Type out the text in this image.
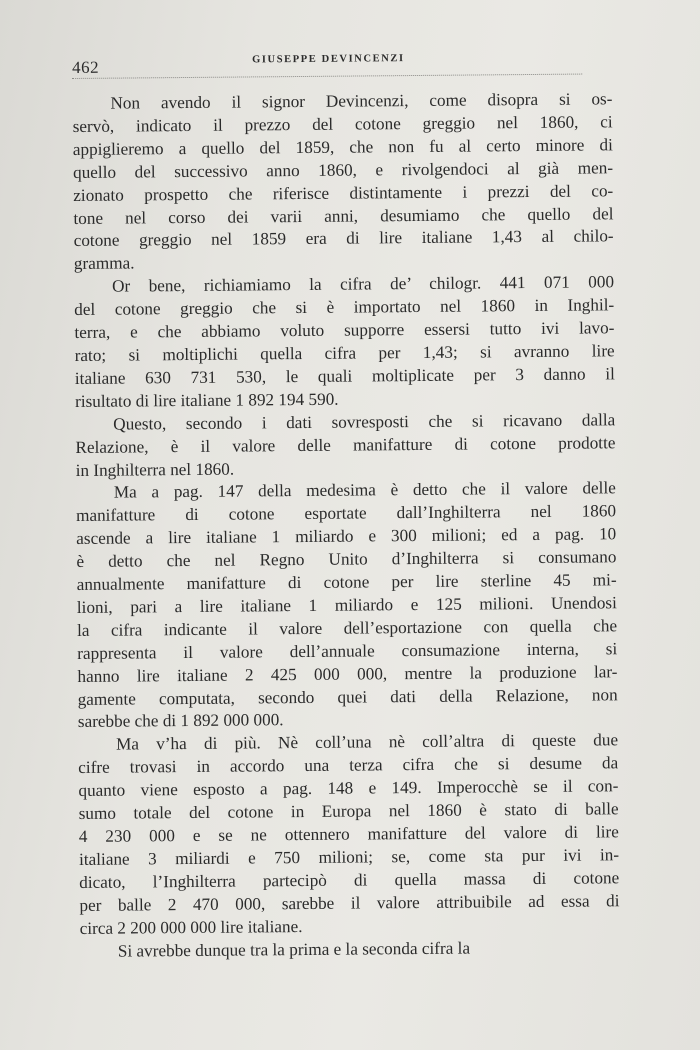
462	GIUSEPPE DEVINCENZI

Non avendo il signor Devincenzi, come disopra si os-
servò, indicato il prezzo del cotone greggio nel 1860, ci
appiglieremo a quello del 1859, che non fu al certo minore di
quello del successivo anno 1860, e rivolgendoci al già men-
zionato prospetto che riferisce distintamente i prezzi del co-
tone nel corso dei varii anni, desumiamo che quello del
cotone greggio nel 1859 era di lire italiane 1,43 al chilo-
gramma.

Or bene, richiamiamo la cifra de’ chilogr. 441 071 000
del cotone greggio che si è importato nel 1860 in Inghil-
terra, e che abbiamo voluto supporre essersi tutto ivi lavo-
rato; si moltiplichi quella cifra per 1,43; si avranno lire
italiane 630 731 530, le quali moltiplicate per 3 danno il
risultato di lire italiane 1 892 194 590.

Questo, secondo i dati sovresposti che si ricavano dalla
Relazione, è il valore delle manifatture di cotone prodotte
in Inghilterra nel 1860.

Ma a pag. 147 della medesima è detto che il valore delle
manifatture di cotone esportate dall’Inghilterra nel 1860
ascende a lire italiane 1 miliardo e 300 milioni; ed a pag. 10
è detto che nel Regno Unito d’Inghilterra si consumano
annualmente manifatture di cotone per lire sterline 45 mi-
lioni, pari a lire italiane 1 miliardo e 125 milioni. Unendosi
la cifra indicante il valore dell’esportazione con quella che
rappresenta il valore dell’annuale consumazione interna, si
hanno lire italiane 2 425 000 000, mentre la produzione lar-
gamente computata, secondo quei dati della Relazione, non
sarebbe che di 1 892 000 000.

Ma v’ha di più. Nè coll’una nè coll’altra di queste due
cifre trovasi in accordo una terza cifra che si desume da
quanto viene esposto a pag. 148 e 149. Imperocchè se il con-
sumo totale del cotone in Europa nel 1860 è stato di balle
4 230 000 e se ne ottennero manifatture del valore di lire
italiane 3 miliardi e 750 milioni; se, come sta pur ivi in-
dicato, l’Inghilterra partecipò di quella massa di cotone
per balle 2 470 000, sarebbe il valore attribuibile ad essa di
circa 2 200 000 000 lire italiane.

Si avrebbe dunque tra la prima e la seconda cifra la
